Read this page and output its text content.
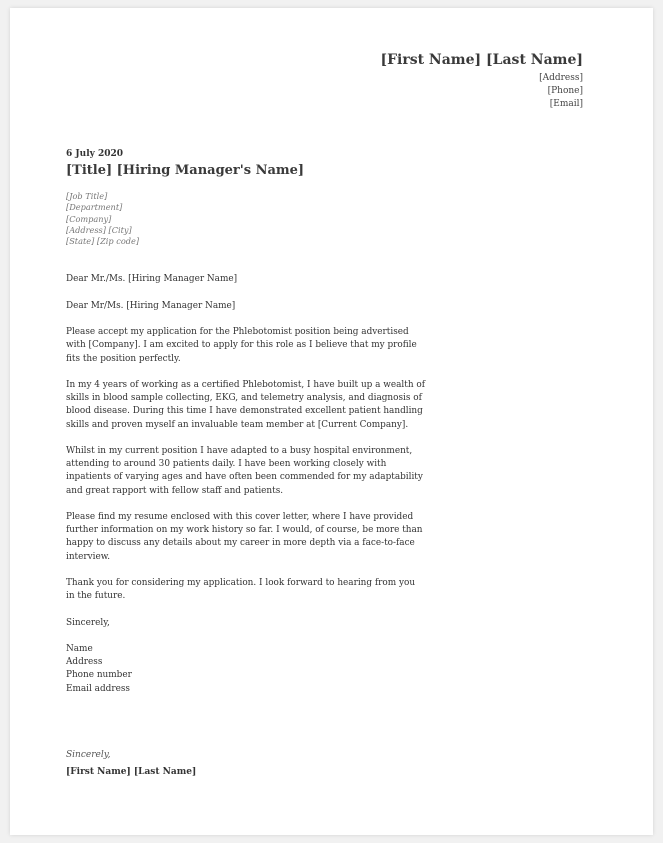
[First Name] [Last Name]
[Address]
[Phone]
[Email]
6 July 2020
[Title] [Hiring Manager's Name]
[Job Title]
[Department]
[Company]
[Address] [City]
[State] [Zip code]

Dear Mr./Ms. [Hiring Manager Name]

Dear Mr/Ms. [Hiring Manager Name]

Please accept my application for the Phlebotomist position being advertised with [Company]. I am excited to apply for this role as I believe that my profile fits the position perfectly.

In my 4 years of working as a certified Phlebotomist, I have built up a wealth of skills in blood sample collecting, EKG, and telemetry analysis, and diagnosis of blood disease. During this time I have demonstrated excellent patient handling skills and proven myself an invaluable team member at [Current Company].

Whilst in my current position I have adapted to a busy hospital environment, attending to around 30 patients daily. I have been working closely with inpatients of varying ages and have often been commended for my adaptability and great rapport with fellow staff and patients.

Please find my resume enclosed with this cover letter, where I have provided further information on my work history so far. I would, of course, be more than happy to discuss any details about my career in more depth via a face-to-face interview.

Thank you for considering my application. I look forward to hearing from you in the future.

Sincerely,

Name
Address
Phone number
Email address
Sincerely,
[First Name] [Last Name]
